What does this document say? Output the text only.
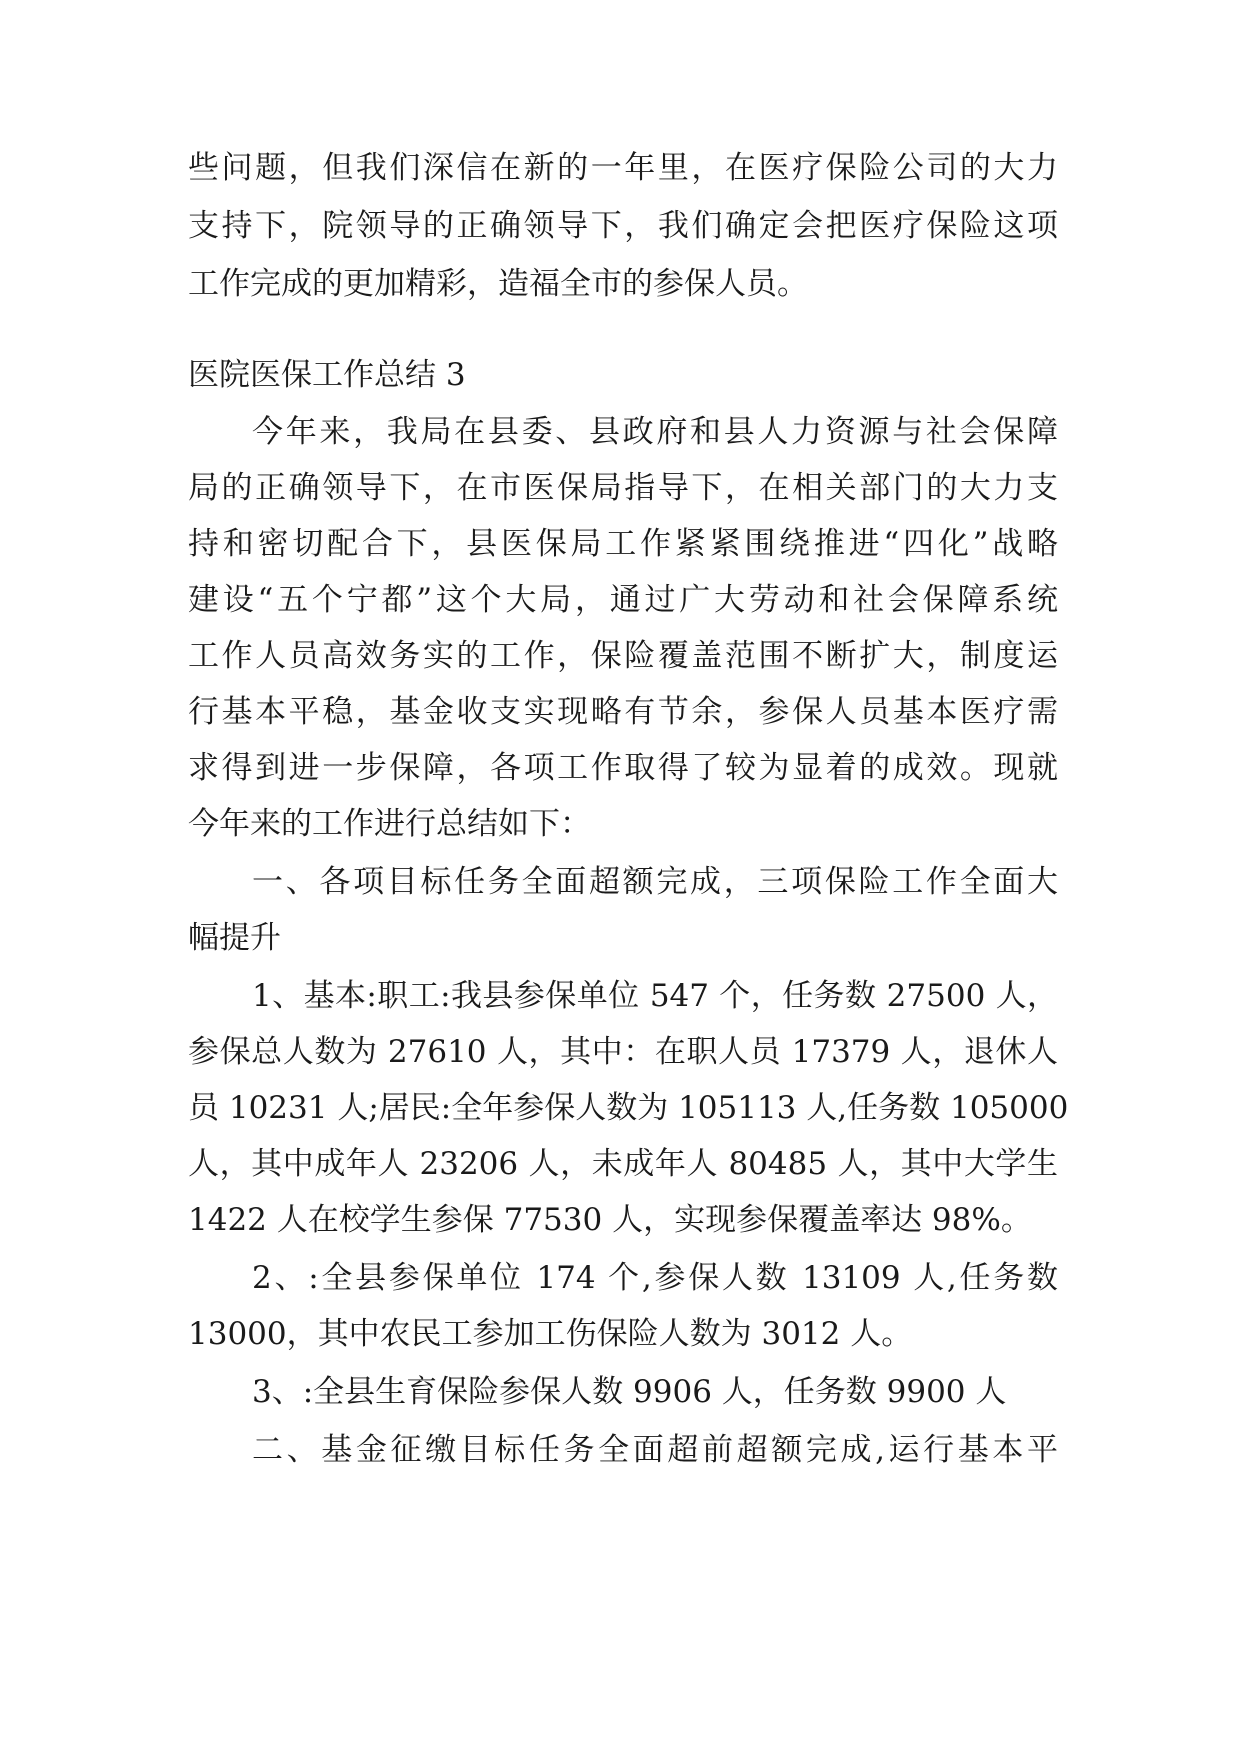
些问题，但我们深信在新的一年里，在医疗保险公司的大力
支持下，院领导的正确领导下，我们确定会把医疗保险这项
工作完成的更加精彩，造福全市的参保人员。
医院医保工作总结 3
今年来，我局在县委、县政府和县人力资源与社会保障
局的正确领导下，在市医保局指导下，在相关部门的大力支
持和密切配合下，县医保局工作紧紧围绕推进“四化”战略
建设“五个宁都”这个大局，通过广大劳动和社会保障系统
工作人员高效务实的工作，保险覆盖范围不断扩大，制度运
行基本平稳，基金收支实现略有节余，参保人员基本医疗需
求得到进一步保障，各项工作取得了较为显着的成效。现就
今年来的工作进行总结如下：
一、各项目标任务全面超额完成，三项保险工作全面大
幅提升
1、基本:职工:我县参保单位 547 个，任务数 27500 人，
参保总人数为 27610 人，其中：在职人员 17379 人，退休人
员 10231 人;居民:全年参保人数为 105113 人,任务数 105000
人，其中成年人 23206 人，未成年人 80485 人，其中大学生
1422 人在校学生参保 77530 人，实现参保覆盖率达 98%。
2、:全县参保单位 174 个,参保人数 13109 人,任务数
13000，其中农民工参加工伤保险人数为 3012 人。
3、:全县生育保险参保人数 9906 人，任务数 9900 人
二、基金征缴目标任务全面超前超额完成,运行基本平
